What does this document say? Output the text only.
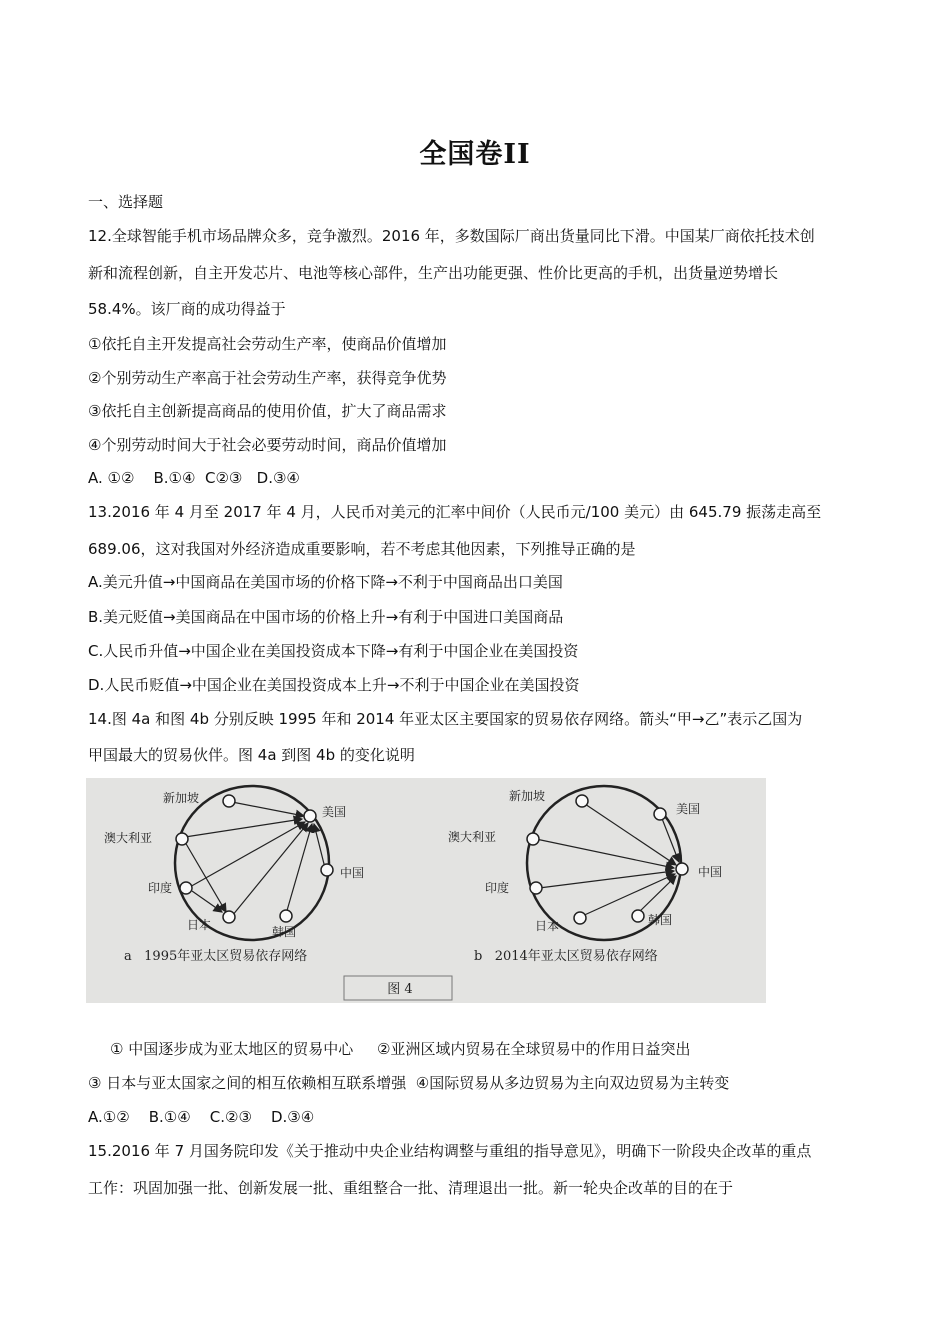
全国卷II
一、选择题
12.全球智能手机市场品牌众多，竞争激烈。2016 年，多数国际厂商出货量同比下滑。中国某厂商依托技术创
新和流程创新，自主开发芯片、电池等核心部件，生产出功能更强、性价比更高的手机，出货量逆势增长
58.4%。该厂商的成功得益于
①依托自主开发提高社会劳动生产率，使商品价值增加
②个别劳动生产率高于社会劳动生产率，获得竞争优势
③依托自主创新提高商品的使用价值，扩大了商品需求
④个别劳动时间大于社会必要劳动时间，商品价值增加
A. ①②    B.①④  C②③   D.③④
13.2016 年 4 月至 2017 年 4 月，人民币对美元的汇率中间价（人民币元/100 美元）由 645.79 振荡走高至
689.06，这对我国对外经济造成重要影响，若不考虑其他因素，下列推导正确的是
A.美元升值→中国商品在美国市场的价格下降→不利于中国商品出口美国
B.美元贬值→美国商品在中国市场的价格上升→有利于中国进口美国商品
C.人民币升值→中国企业在美国投资成本下降→有利于中国企业在美国投资
D.人民币贬值→中国企业在美国投资成本上升→不利于中国企业在美国投资
14.图 4a 和图 4b 分别反映 1995 年和 2014 年亚太区主要国家的贸易依存网络。箭头“甲→乙”表示乙国为
甲国最大的贸易伙伴。图 4a 到图 4b 的变化说明
新加坡
美国
澳大利亚
中国
印度
日本	韩国
a   1995年亚太区贸易依存网络
新加坡
美国
澳大利亚
中国
印度
日本	韩国
b   2014年亚太区贸易依存网络
图 4
① 中国逐步成为亚太地区的贸易中心     ②亚洲区域内贸易在全球贸易中的作用日益突出
③ 日本与亚太国家之间的相互依赖相互联系增强  ④国际贸易从多边贸易为主向双边贸易为主转变
A.①②    B.①④    C.②③    D.③④
15.2016 年 7 月国务院印发《关于推动中央企业结构调整与重组的指导意见》，明确下一阶段央企改革的重点
工作：巩固加强一批、创新发展一批、重组整合一批、清理退出一批。新一轮央企改革的目的在于
